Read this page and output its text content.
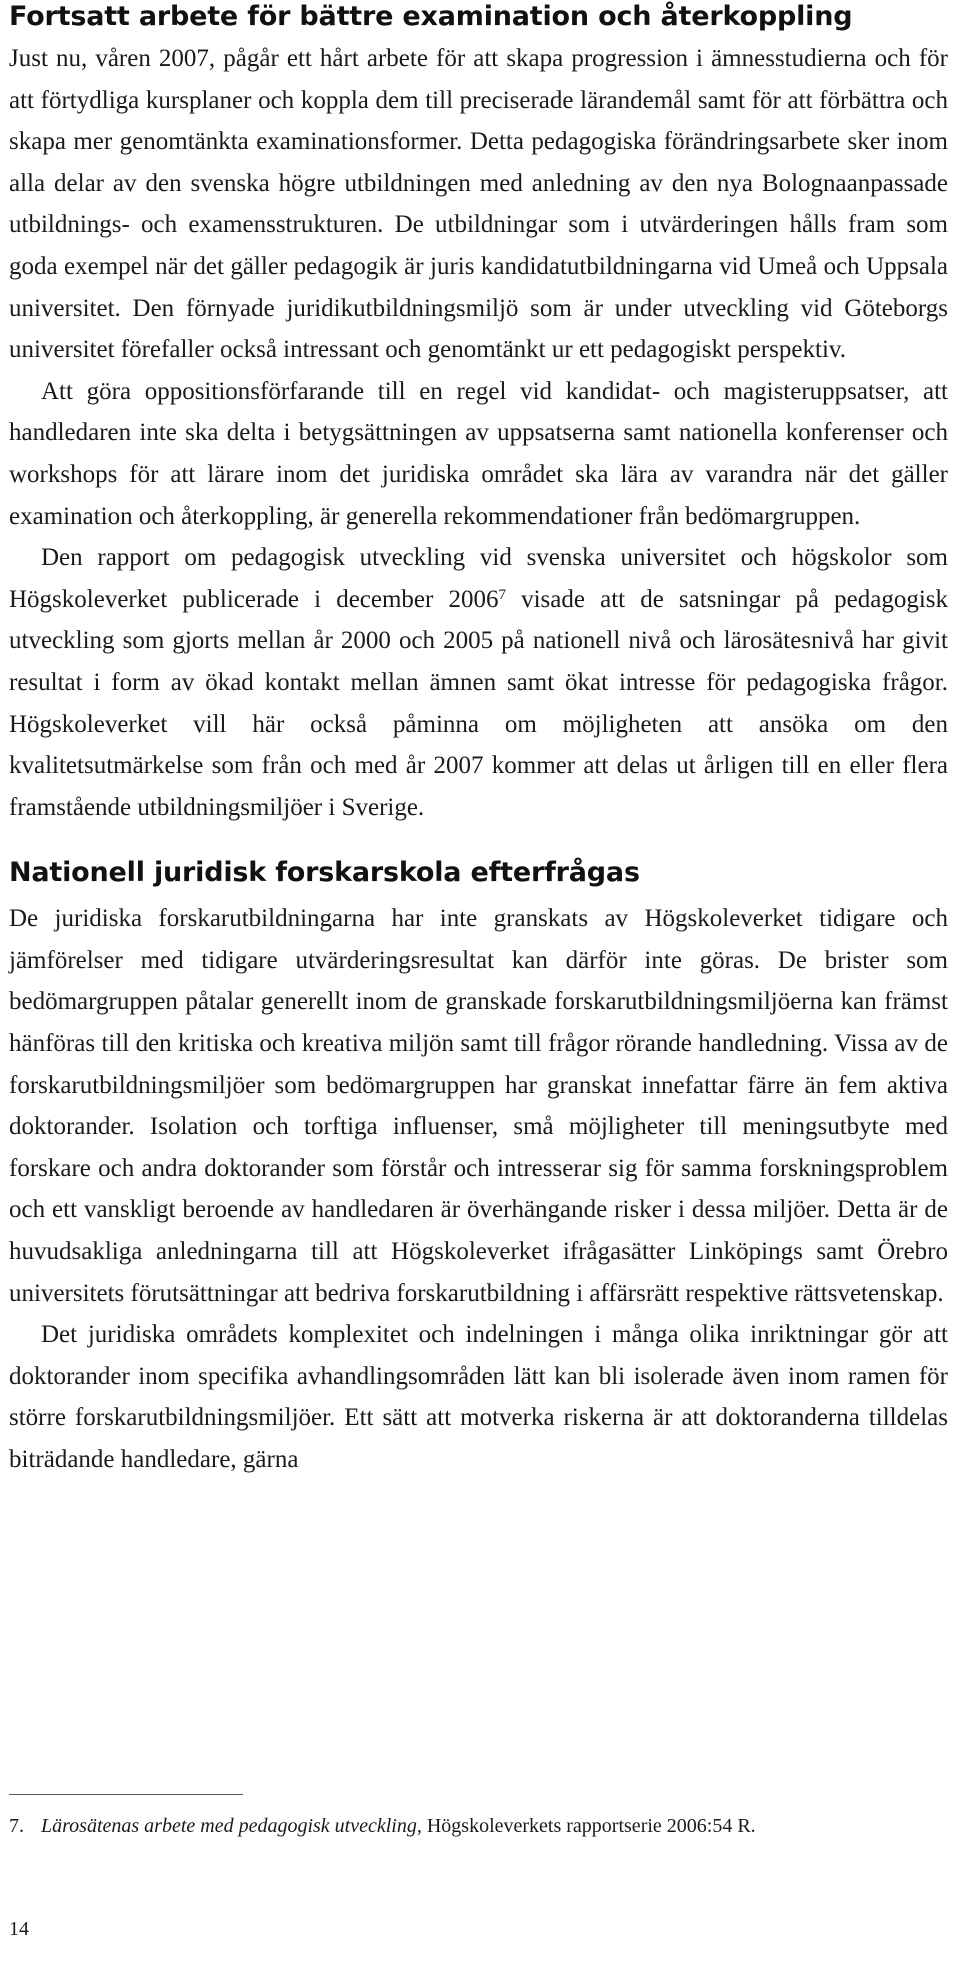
Fortsatt arbete för bättre examination och återkoppling

Just nu, våren 2007, pågår ett hårt arbete för att skapa progression i ämnesstudierna och för att förtydliga kursplaner och koppla dem till preciserade lärandemål samt för att förbättra och skapa mer genomtänkta examinationsformer. Detta pedagogiska förändringsarbete sker inom alla delar av den svenska högre utbildningen med anledning av den nya Bolognaanpassade utbildnings- och examensstrukturen. De utbildningar som i utvärderingen hålls fram som goda exempel när det gäller pedagogik är juris kandidatutbildningarna vid Umeå och Uppsala universitet. Den förnyade juridikutbildningsmiljö som är under utveckling vid Göteborgs universitet förefaller också intressant och genomtänkt ur ett pedagogiskt perspektiv.

Att göra oppositionsförfarande till en regel vid kandidat- och magisteruppsatser, att handledaren inte ska delta i betygsättningen av uppsatserna samt nationella konferenser och workshops för att lärare inom det juridiska området ska lära av varandra när det gäller examination och återkoppling, är generella rekommendationer från bedömargruppen.

Den rapport om pedagogisk utveckling vid svenska universitet och högskolor som Högskoleverket publicerade i december 2006$^7$ visade att de satsningar på pedagogisk utveckling som gjorts mellan år 2000 och 2005 på nationell nivå och lärosätesnivå har givit resultat i form av ökad kontakt mellan ämnen samt ökat intresse för pedagogiska frågor. Högskoleverket vill här också påminna om möjligheten att ansöka om den kvalitetsutmärkelse som från och med år 2007 kommer att delas ut årligen till en eller flera framstående utbildningsmiljöer i Sverige.

Nationell juridisk forskarskola efterfrågas

De juridiska forskarutbildningarna har inte granskats av Högskoleverket tidigare och jämförelser med tidigare utvärderingsresultat kan därför inte göras. De brister som bedömargruppen påtalar generellt inom de granskade forskarutbildningsmiljöerna kan främst hänföras till den kritiska och kreativa miljön samt till frågor rörande handledning. Vissa av de forskarutbildningsmiljöer som bedömargruppen har granskat innefattar färre än fem aktiva doktorander. Isolation och torftiga influenser, små möjligheter till meningsutbyte med forskare och andra doktorander som förstår och intresserar sig för samma forskningsproblem och ett vanskligt beroende av handledaren är överhängande risker i dessa miljöer. Detta är de huvudsakliga anledningarna till att Högskoleverket ifrågasätter Linköpings samt Örebro universitets förutsättningar att bedriva forskarutbildning i affärsrätt respektive rättsvetenskap.

Det juridiska områdets komplexitet och indelningen i många olika inriktningar gör att doktorander inom specifika avhandlingsområden lätt kan bli isolerade även inom ramen för större forskarutbildningsmiljöer. Ett sätt att motverka riskerna är att doktoranderna tilldelas biträdande handledare, gärna

7. Lärosätenas arbete med pedagogisk utveckling, Högskoleverkets rapportserie 2006:54 R.
14
